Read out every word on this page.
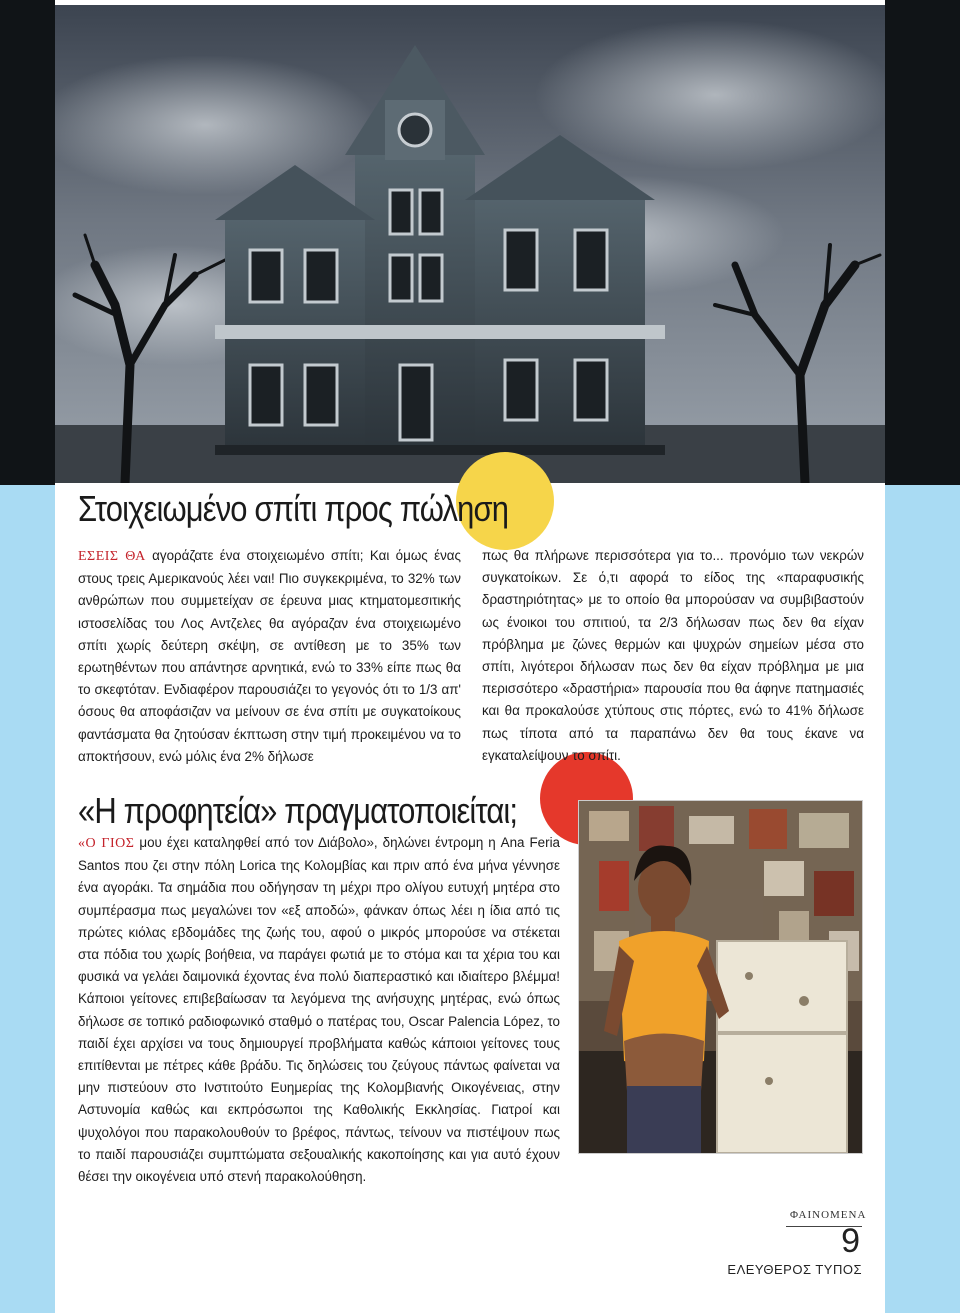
Στοιχειωμένο σπίτι προς πώληση

ΕΣΕΙΣ ΘΑ αγοράζατε ένα στοιχειωμένο σπίτι; Και όμως ένας στους τρεις Αμερικανούς λέει ναι! Πιο συγκεκριμένα, το 32% των ανθρώπων που συμμετείχαν σε έρευνα μιας κτηματομεσιτικής ιστοσελίδας του Λος Αντζελες θα αγόραζαν ένα στοιχειωμένο σπίτι χωρίς δεύτερη σκέψη, σε αντίθεση με το 35% των ερωτηθέντων που απάντησε αρνητικά, ενώ το 33% είπε πως θα το σκεφτόταν. Ενδιαφέρον παρουσιάζει το γεγονός ότι το 1/3 απ' όσους θα αποφάσιζαν να μείνουν σε ένα σπίτι με συγκατοίκους φαντάσματα θα ζητούσαν έκπτωση στην τιμή προκειμένου να το αποκτήσουν, ενώ μόλις ένα 2% δήλωσε

πως θα πλήρωνε περισσότερα για το... προνόμιο των νεκρών συγκατοίκων. Σε ό,τι αφορά το είδος της «παραφυσικής δραστηριότητας» με το οποίο θα μπορούσαν να συμβιβαστούν ως ένοικοι του σπιτιού, τα 2/3 δήλωσαν πως δεν θα είχαν πρόβλημα με ζώνες θερμών και ψυχρών σημείων μέσα στο σπίτι, λιγότεροι δήλωσαν πως δεν θα είχαν πρόβλημα με μια περισσότερο «δραστήρια» παρουσία που θα άφηνε πατημασιές και θα προκαλούσε χτύπους στις πόρτες, ενώ το 41% δήλωσε πως τίποτα από τα παραπάνω δεν θα τους έκανε να εγκαταλείψουν το σπίτι.

«Η προφητεία» πραγματοποιείται;

«Ο ΓΙΟΣ μου έχει καταληφθεί από τον Διάβολο», δηλώνει έντρομη η Ana Feria Santos που ζει στην πόλη Lorica της Κολομβίας και πριν από ένα μήνα γέννησε ένα αγοράκι. Τα σημάδια που οδήγησαν τη μέχρι προ ολίγου ευτυχή μητέρα στο συμπέρασμα πως μεγαλώνει τον «εξ αποδώ», φάνκαν όπως λέει η ίδια από τις πρώτες κιόλας εβδομάδες της ζωής του, αφού ο μικρός μπορούσε να στέκεται στα πόδια του χωρίς βοήθεια, να παράγει φωτιά με το στόμα και τα χέρια του και φυσικά να γελάει δαιμονικά έχοντας ένα πολύ διαπεραστικό και ιδιαίτερο βλέμμα! Κάποιοι γείτονες επιβεβαίωσαν τα λεγόμενα της ανήσυχης μητέρας, ενώ όπως δήλωσε σε τοπικό ραδιοφωνικό σταθμό ο πατέρας του, Oscar Palencia López, το παιδί έχει αρχίσει να τους δημιουργεί προβλήματα καθώς κάποιοι γείτονες τους επιτίθενται με πέτρες κάθε βράδυ. Τις δηλώσεις του ζεύγους πάντως φαίνεται να μην πιστεύουν στο Ινστιτούτο Ευημερίας της Κολομβιανής Οικογένειας, στην Αστυνομία καθώς και εκπρόσωποι της Καθολικής Εκκλησίας. Γιατροί και ψυχολόγοι που παρακολουθούν το βρέφος, πάντως, τείνουν να πιστέψουν πως το παιδί παρουσιάζει συμπτώματα σεξουαλικής κακοποίησης και για αυτό έχουν θέσει την οικογένεια υπό στενή παρακολούθηση.

ΦΑΙΝΟΜΕΝΑ
9
ΕΛΕΥΘΕΡΟΣ ΤΥΠΟΣ
